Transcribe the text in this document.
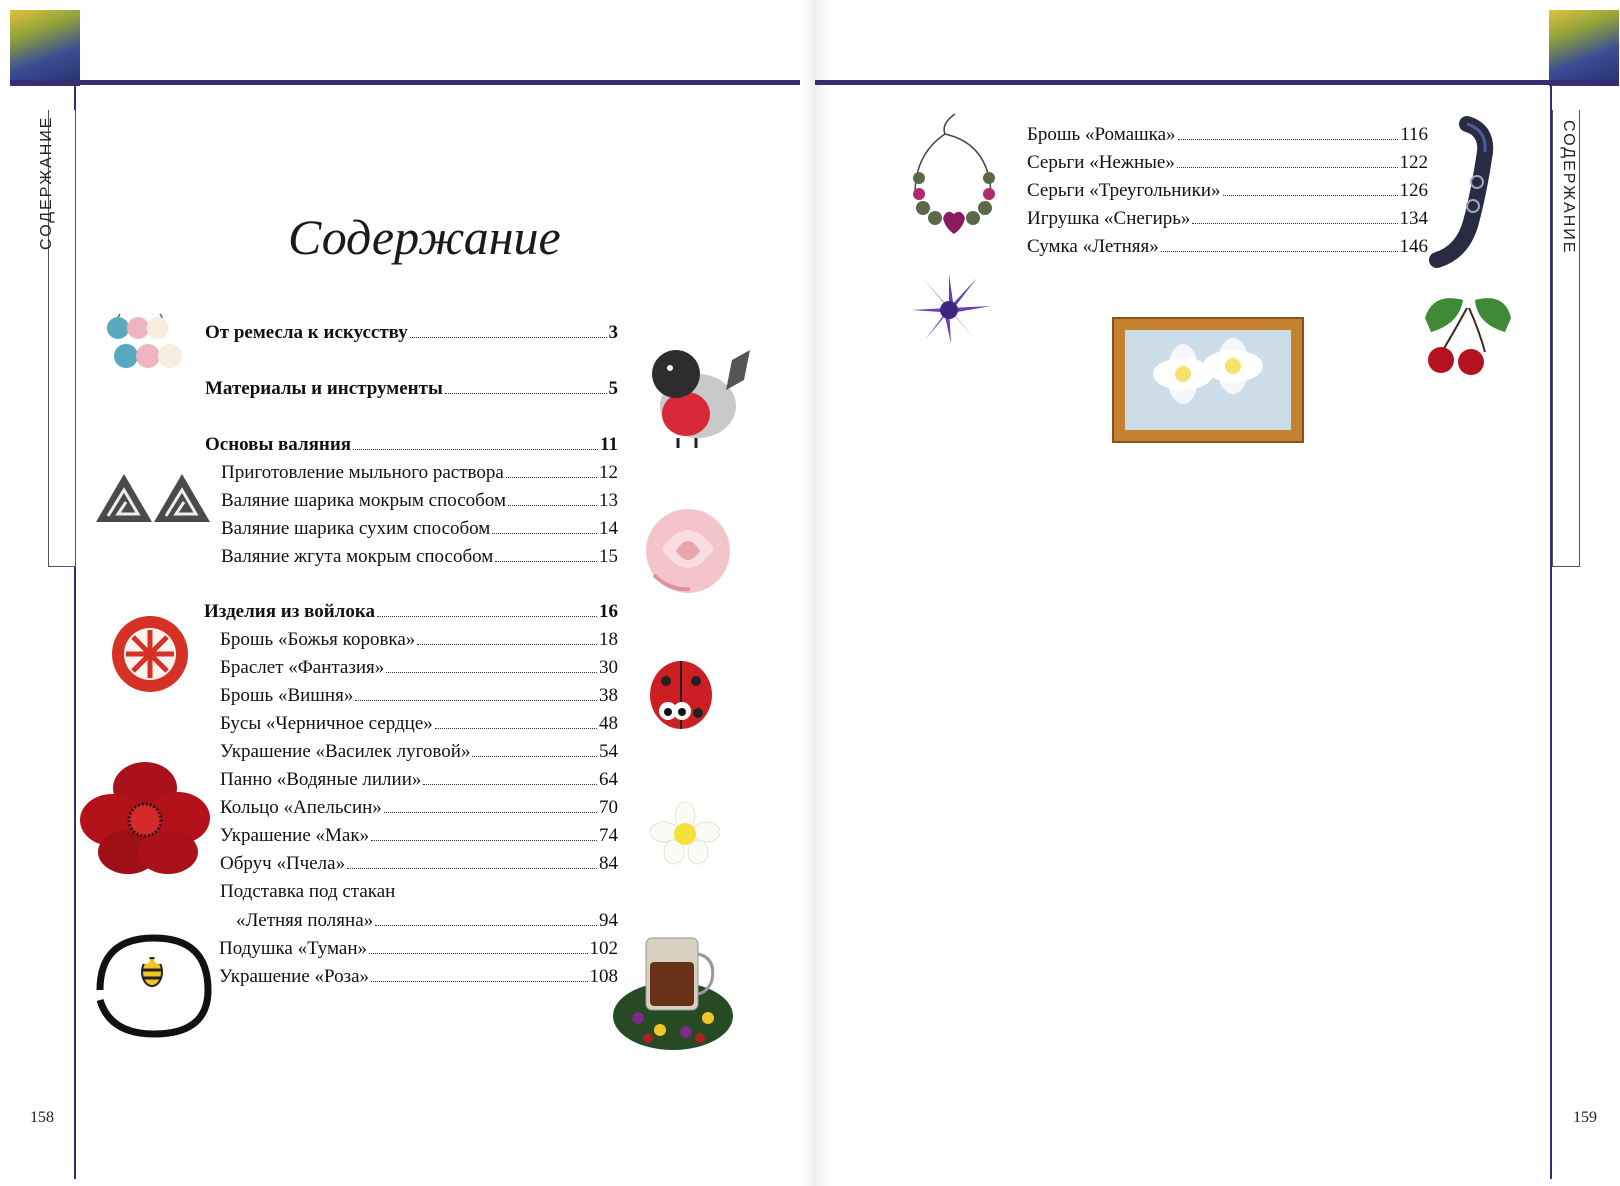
СОДЕРЖАНИЕ	Содержание
От ремесла к искусству	3
Материалы и инструменты	5
Основы валяния	11
Приготовление мыльного раствора	12
Валяние шарика мокрым способом	13
Валяние шарика сухим способом	14
Валяние жгута мокрым способом	15
Изделия из войлока	16
Брошь «Божья коровка»	18
Браслет «Фантазия»	30
Брошь «Вишня»	38
Бусы «Черничное сердце»	48
Украшение «Василек луговой»	54
Панно «Водяные лилии»	64
Кольцо «Апельсин»	70
Украшение «Мак»	74
Обруч «Пчела»	84
Подставка под стакан
«Летняя поляна»	94
Подушка «Туман»	102
Украшение «Роза»	108
158
СОДЕРЖАНИЕ
Брошь «Ромашка»	116
Серьги «Нежные»	122
Серьги «Треугольники»	126
Игрушка «Снегирь»	134
Сумка «Летняя»	146
159
